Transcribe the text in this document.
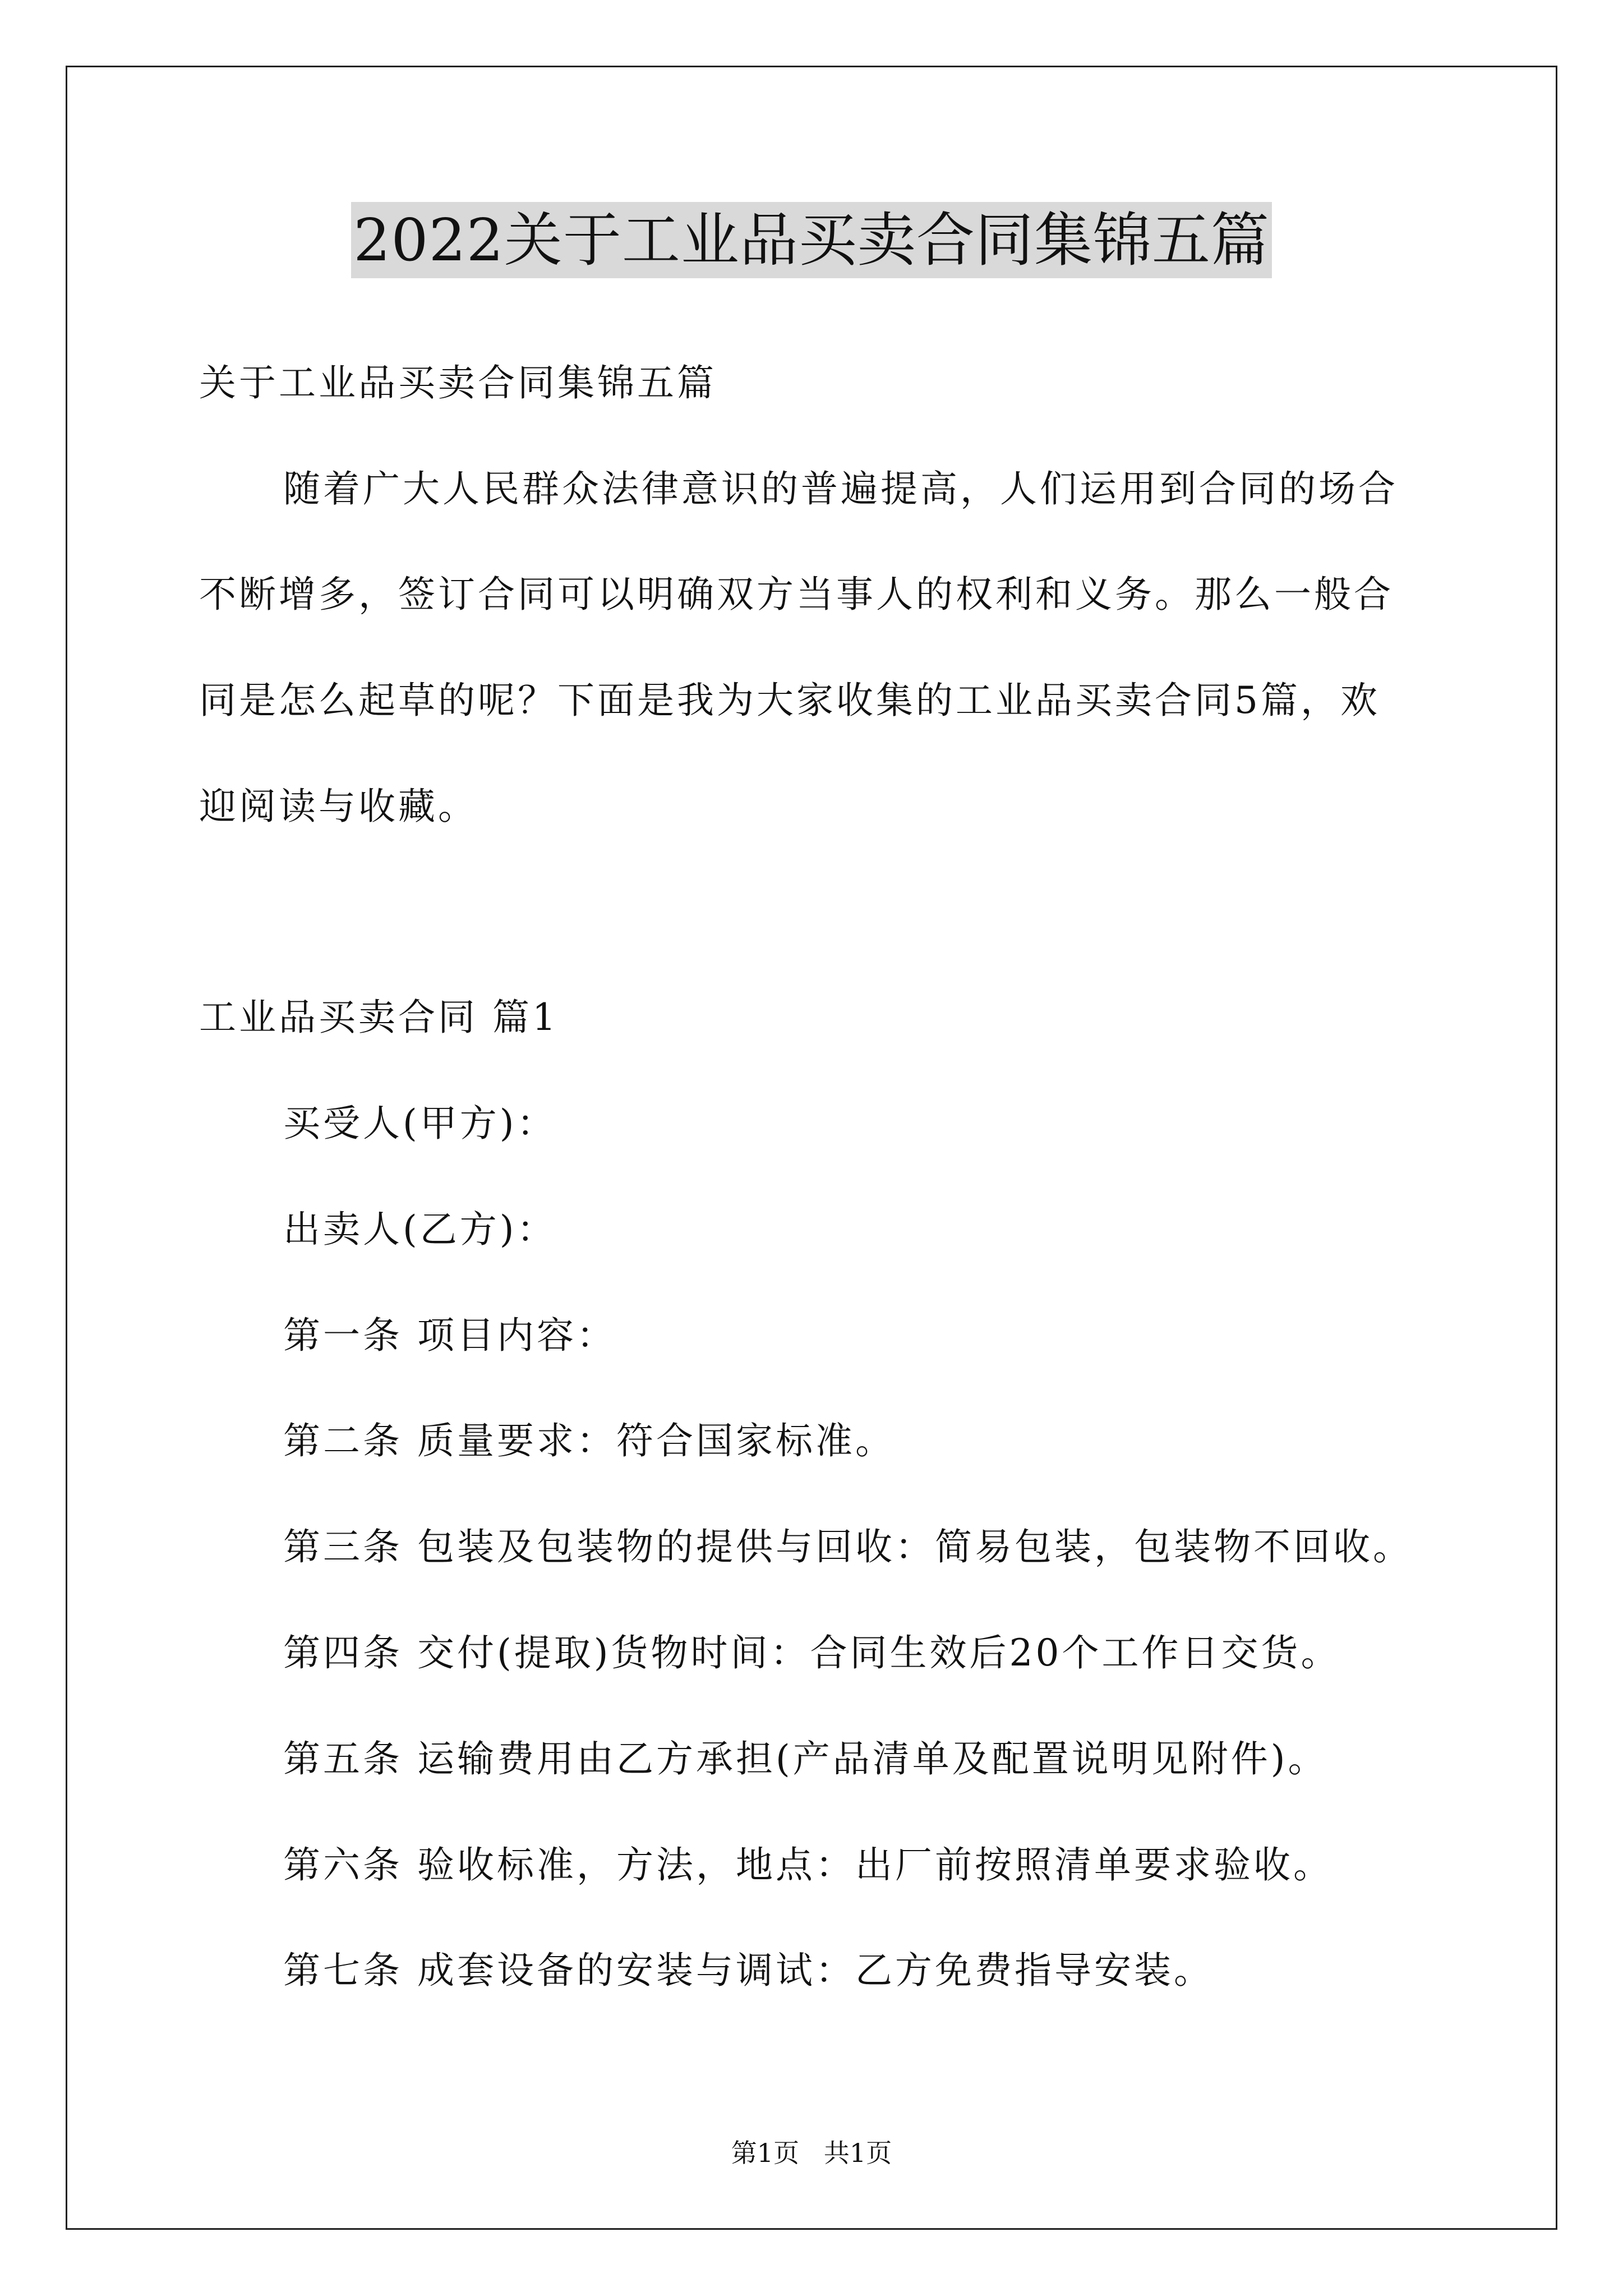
2022关于工业品买卖合同集锦五篇
关于工业品买卖合同集锦五篇
随着广大人民群众法律意识的普遍提高，人们运用到合同的场合
不断增多，签订合同可以明确双方当事人的权利和义务。那么一般合
同是怎么起草的呢？下面是我为大家收集的工业品买卖合同5篇，欢
迎阅读与收藏。
工业品买卖合同 篇1
买受人(甲方)：
出卖人(乙方)：
第一条 项目内容：
第二条 质量要求：符合国家标准。
第三条 包装及包装物的提供与回收：简易包装，包装物不回收。
第四条 交付(提取)货物时间：合同生效后20个工作日交货。
第五条 运输费用由乙方承担(产品清单及配置说明见附件)。
第六条 验收标准，方法，地点：出厂前按照清单要求验收。
第七条 成套设备的安装与调试：乙方免费指导安装。
第1页   共1页
